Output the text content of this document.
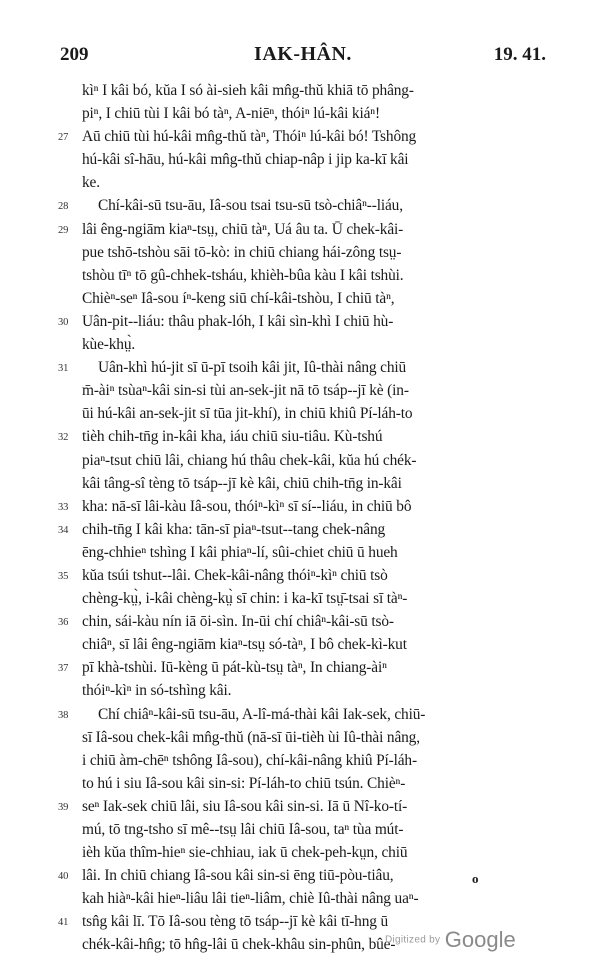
209	IAK-HÂN.	19. 41.
kìⁿ I kâi bó, kŭa I só ài-sieh kâi mn̂g-thŭ khiā tō phâng-
piⁿ, I chiū tùi I kâi bó tàⁿ, A-niēⁿ, thóiⁿ lú-kâi kiáⁿ!
27 Aū chiū tùi hú-kâi mn̂g-thŭ tàⁿ, Thóiⁿ lú-kâi bó! Tshông
hú-kâi sî-hāu, hú-kâi mn̂g-thŭ chiap-nâp i jip ka-kī kâi
ke.
28 Chí-kâi-sū tsu-āu, Iâ-sou tsai tsu-sū tsò-chiâⁿ--liáu,
29 lâi êng-ngiām kiaⁿ-tsṳ, chiū tàⁿ, Uá âu ta. Ū chek-kâi-
pue tshō-tshòu sāi tō-kò: in chiū chiang hái-zông tsṳ-
tshòu tīⁿ tō gû-chhek-tsháu, khièh-bûa kàu I kâi tshùi.
Chièⁿ-seⁿ Iâ-sou íⁿ-keng siū chí-kâi-tshòu, I chiū tàⁿ,
30 Uân-pit--liáu: thâu phak-lóh, I kâi sìn-khì I chiū hù-
kùe-khṳ̀.
31 Uân-khì hú-jit sī ū-pī tsoih kâi jit, Iû-thài nâng chiū
m̄-àiⁿ tsùaⁿ-kâi sin-si tùi an-sek-jit nā tō tsáp--jī kè (in-
ūi hú-kâi an-sek-jit sī tūa jit-khí), in chiū khiû Pí-láh-to
32 tièh chih-tn̄g in-kâi kha, iáu chiū siu-tiâu. Kù-tshú
piaⁿ-tsut chiū lâi, chiang hú thâu chek-kâi, kŭa hú chék-
kâi tâng-sî tèng tō tsáp--jī kè kâi, chiū chih-tn̄g in-kâi
33 kha: nā-sī lâi-kàu Iâ-sou, thóiⁿ-kìⁿ sī sí--liáu, in chiū bô
34 chih-tn̄g I kâi kha: tān-sī piaⁿ-tsut--tang chek-nâng
ēng-chhieⁿ tshìng I kâi phiaⁿ-lí, sûi-chiet chiū ū hueh
35 kŭa tsúi tshut--lâi. Chek-kâi-nâng thóiⁿ-kìⁿ chiū tsò
chèng-kṳ̀, i-kâi chèng-kṳ̀ sī chin: i ka-kī tsṳ̄-tsai sī tàⁿ-
36 chin, sái-kàu nín iā ōi-sìn. In-ūi chí chiâⁿ-kâi-sū tsò-
chiâⁿ, sī lâi êng-ngiām kiaⁿ-tsṳ só-tàⁿ, I bô chek-kì-kut
37 pī khà-tshùi. Iū-kèng ū pát-kù-tsṳ tàⁿ, In chiang-àiⁿ
thóiⁿ-kìⁿ in só-tshìng kâi.
38 Chí chiâⁿ-kâi-sū tsu-āu, A-lî-má-thài kâi Iak-sek, chiū-
sī Iâ-sou chek-kâi mn̂g-thŭ (nā-sī ūi-tièh ùi Iû-thài nâng,
i chiū àm-chēⁿ tshông Iâ-sou), chí-kâi-nâng khiû Pí-láh-
to hú i siu Iâ-sou kâi sin-si: Pí-láh-to chiū tsún. Chièⁿ-
39 seⁿ Iak-sek chiū lâi, siu Iâ-sou kâi sin-si. Iā ū Nî-ko-tí-
mú, tō tng-tsho sī mê--tsṳ lâi chiū Iâ-sou, taⁿ tùa mút-
ièh kŭa thîm-hieⁿ sie-chhiau, iak ū chek-peh-kṳn, chiū
40 lâi. In chiū chiang Iâ-sou kâi sin-si ēng tiū-pòu-tiâu,
kah hiàⁿ-kâi hieⁿ-liâu lâi tieⁿ-liâm, chiè Iû-thài nâng uaⁿ-
41 tsn̂g kâi lī. Tō Iâ-sou tèng tō tsáp--jī kè kâi tī-hng ū
chék-kâi-hn̂g; tō hn̂g-lâi ū chek-khâu sin-phûn, bûe-
o
Digitized by Google
